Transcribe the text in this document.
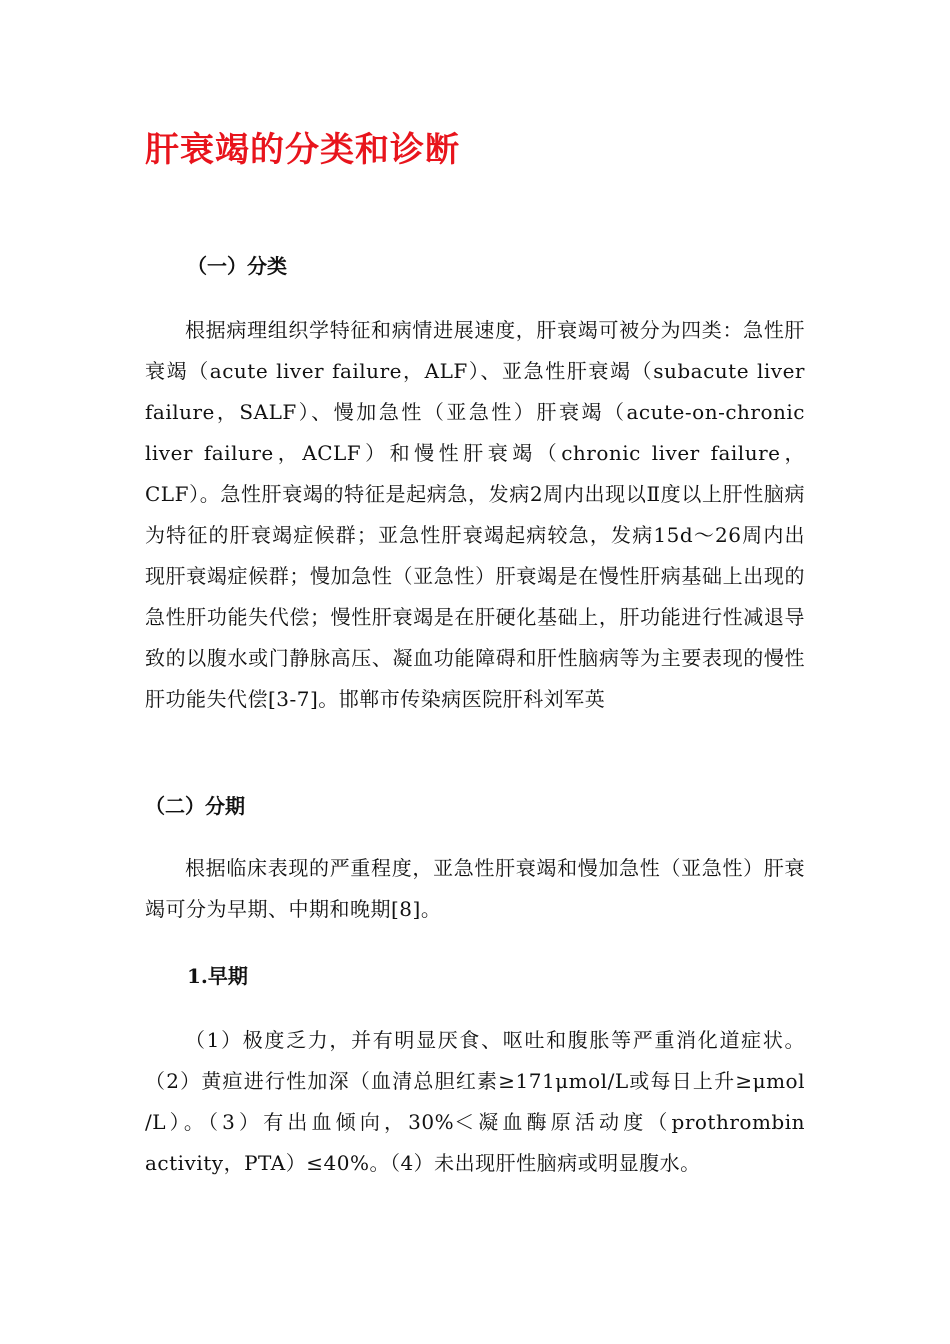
肝衰竭的分类和诊断
（一）分类

根据病理组织学特征和病情进展速度，肝衰竭可被分为四类：急性肝衰竭（acute liver failure，ALF）、亚急性肝衰竭（subacute liver failure，SALF）、慢加急性（亚急性）肝衰竭（acute-on-chronic liver failure，ACLF）和慢性肝衰竭（chronic liver failure，CLF）。急性肝衰竭的特征是起病急，发病2周内出现以Ⅱ度以上肝性脑病为特征的肝衰竭症候群；亚急性肝衰竭起病较急，发病15d～26周内出现肝衰竭症候群；慢加急性（亚急性）肝衰竭是在慢性肝病基础上出现的急性肝功能失代偿；慢性肝衰竭是在肝硬化基础上，肝功能进行性减退导致的以腹水或门静脉高压、凝血功能障碍和肝性脑病等为主要表现的慢性肝功能失代偿[3-7]。邯郸市传染病医院肝科刘军英

（二）分期

根据临床表现的严重程度，亚急性肝衰竭和慢加急性（亚急性）肝衰竭可分为早期、中期和晚期[8]。

1.早期

（1）极度乏力，并有明显厌食、呕吐和腹胀等严重消化道症状。（2）黄疸进行性加深（血清总胆红素≥171μmol/L或每日上升≥μmol /L）。（3）有出血倾向，30%＜凝血酶原活动度（prothrombin activity，PTA）≤40%。（4）未出现肝性脑病或明显腹水。
